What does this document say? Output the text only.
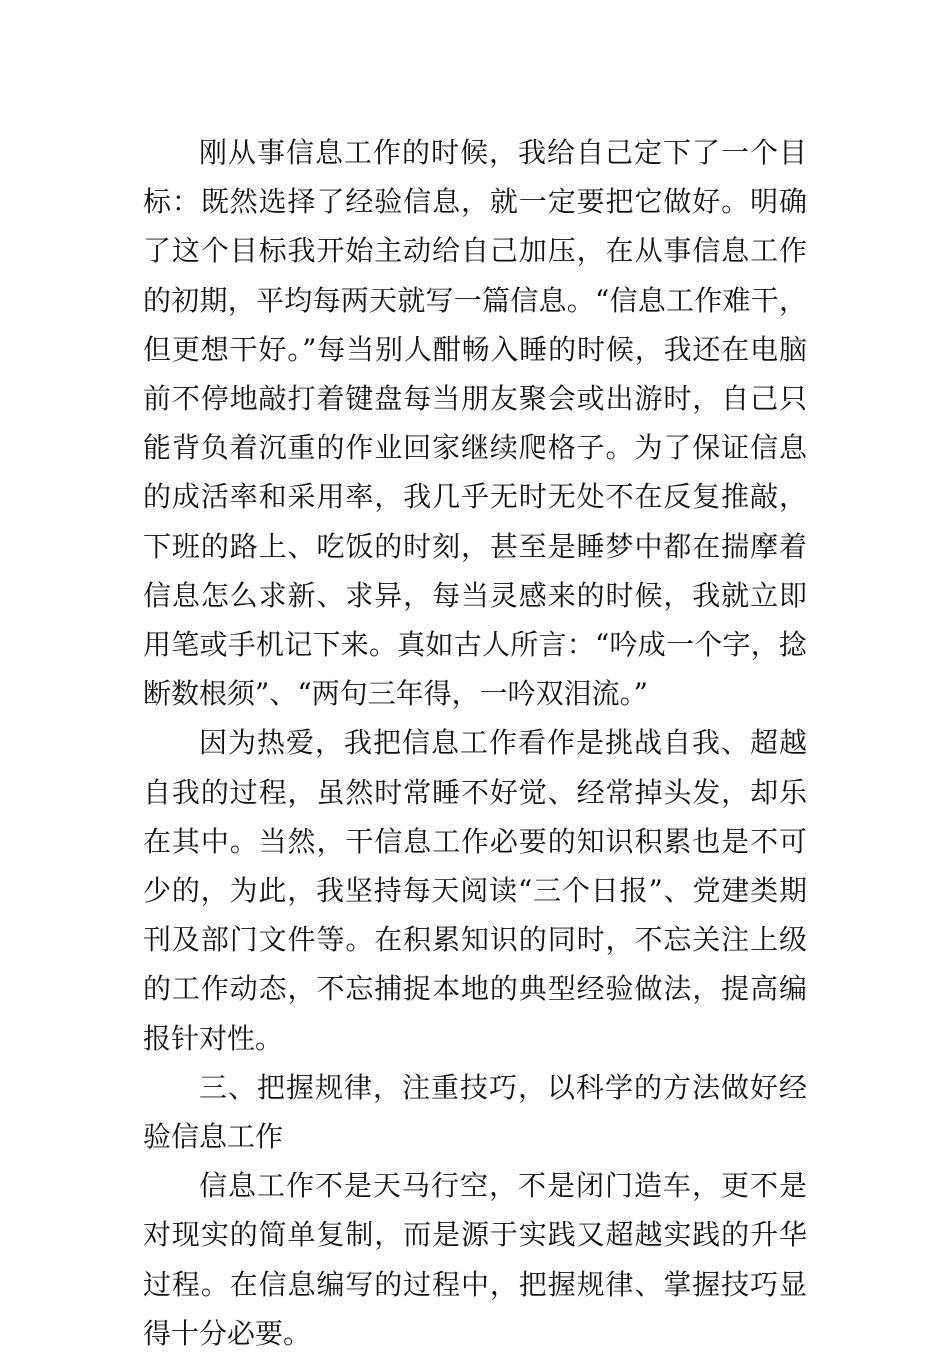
刚从事信息工作的时候，我给自己定下了一个目标：既然选择了经验信息，就一定要把它做好。明确了这个目标我开始主动给自己加压，在从事信息工作的初期，平均每两天就写一篇信息。“信息工作难干，但更想干好。”每当别人酣畅入睡的时候，我还在电脑前不停地敲打着键盘每当朋友聚会或出游时，自己只能背负着沉重的作业回家继续爬格子。为了保证信息的成活率和采用率，我几乎无时无处不在反复推敲，下班的路上、吃饭的时刻，甚至是睡梦中都在揣摩着信息怎么求新、求异，每当灵感来的时候，我就立即用笔或手机记下来。真如古人所言：“吟成一个字，捻断数根须”、“两句三年得，一吟双泪流。”

因为热爱，我把信息工作看作是挑战自我、超越自我的过程，虽然时常睡不好觉、经常掉头发，却乐在其中。当然，干信息工作必要的知识积累也是不可少的，为此，我坚持每天阅读“三个日报”、党建类期刊及部门文件等。在积累知识的同时，不忘关注上级的工作动态，不忘捕捉本地的典型经验做法，提高编报针对性。

三、把握规律，注重技巧，以科学的方法做好经验信息工作

信息工作不是天马行空，不是闭门造车，更不是对现实的简单复制，而是源于实践又超越实践的升华过程。在信息编写的过程中，把握规律、掌握技巧显得十分必要。
